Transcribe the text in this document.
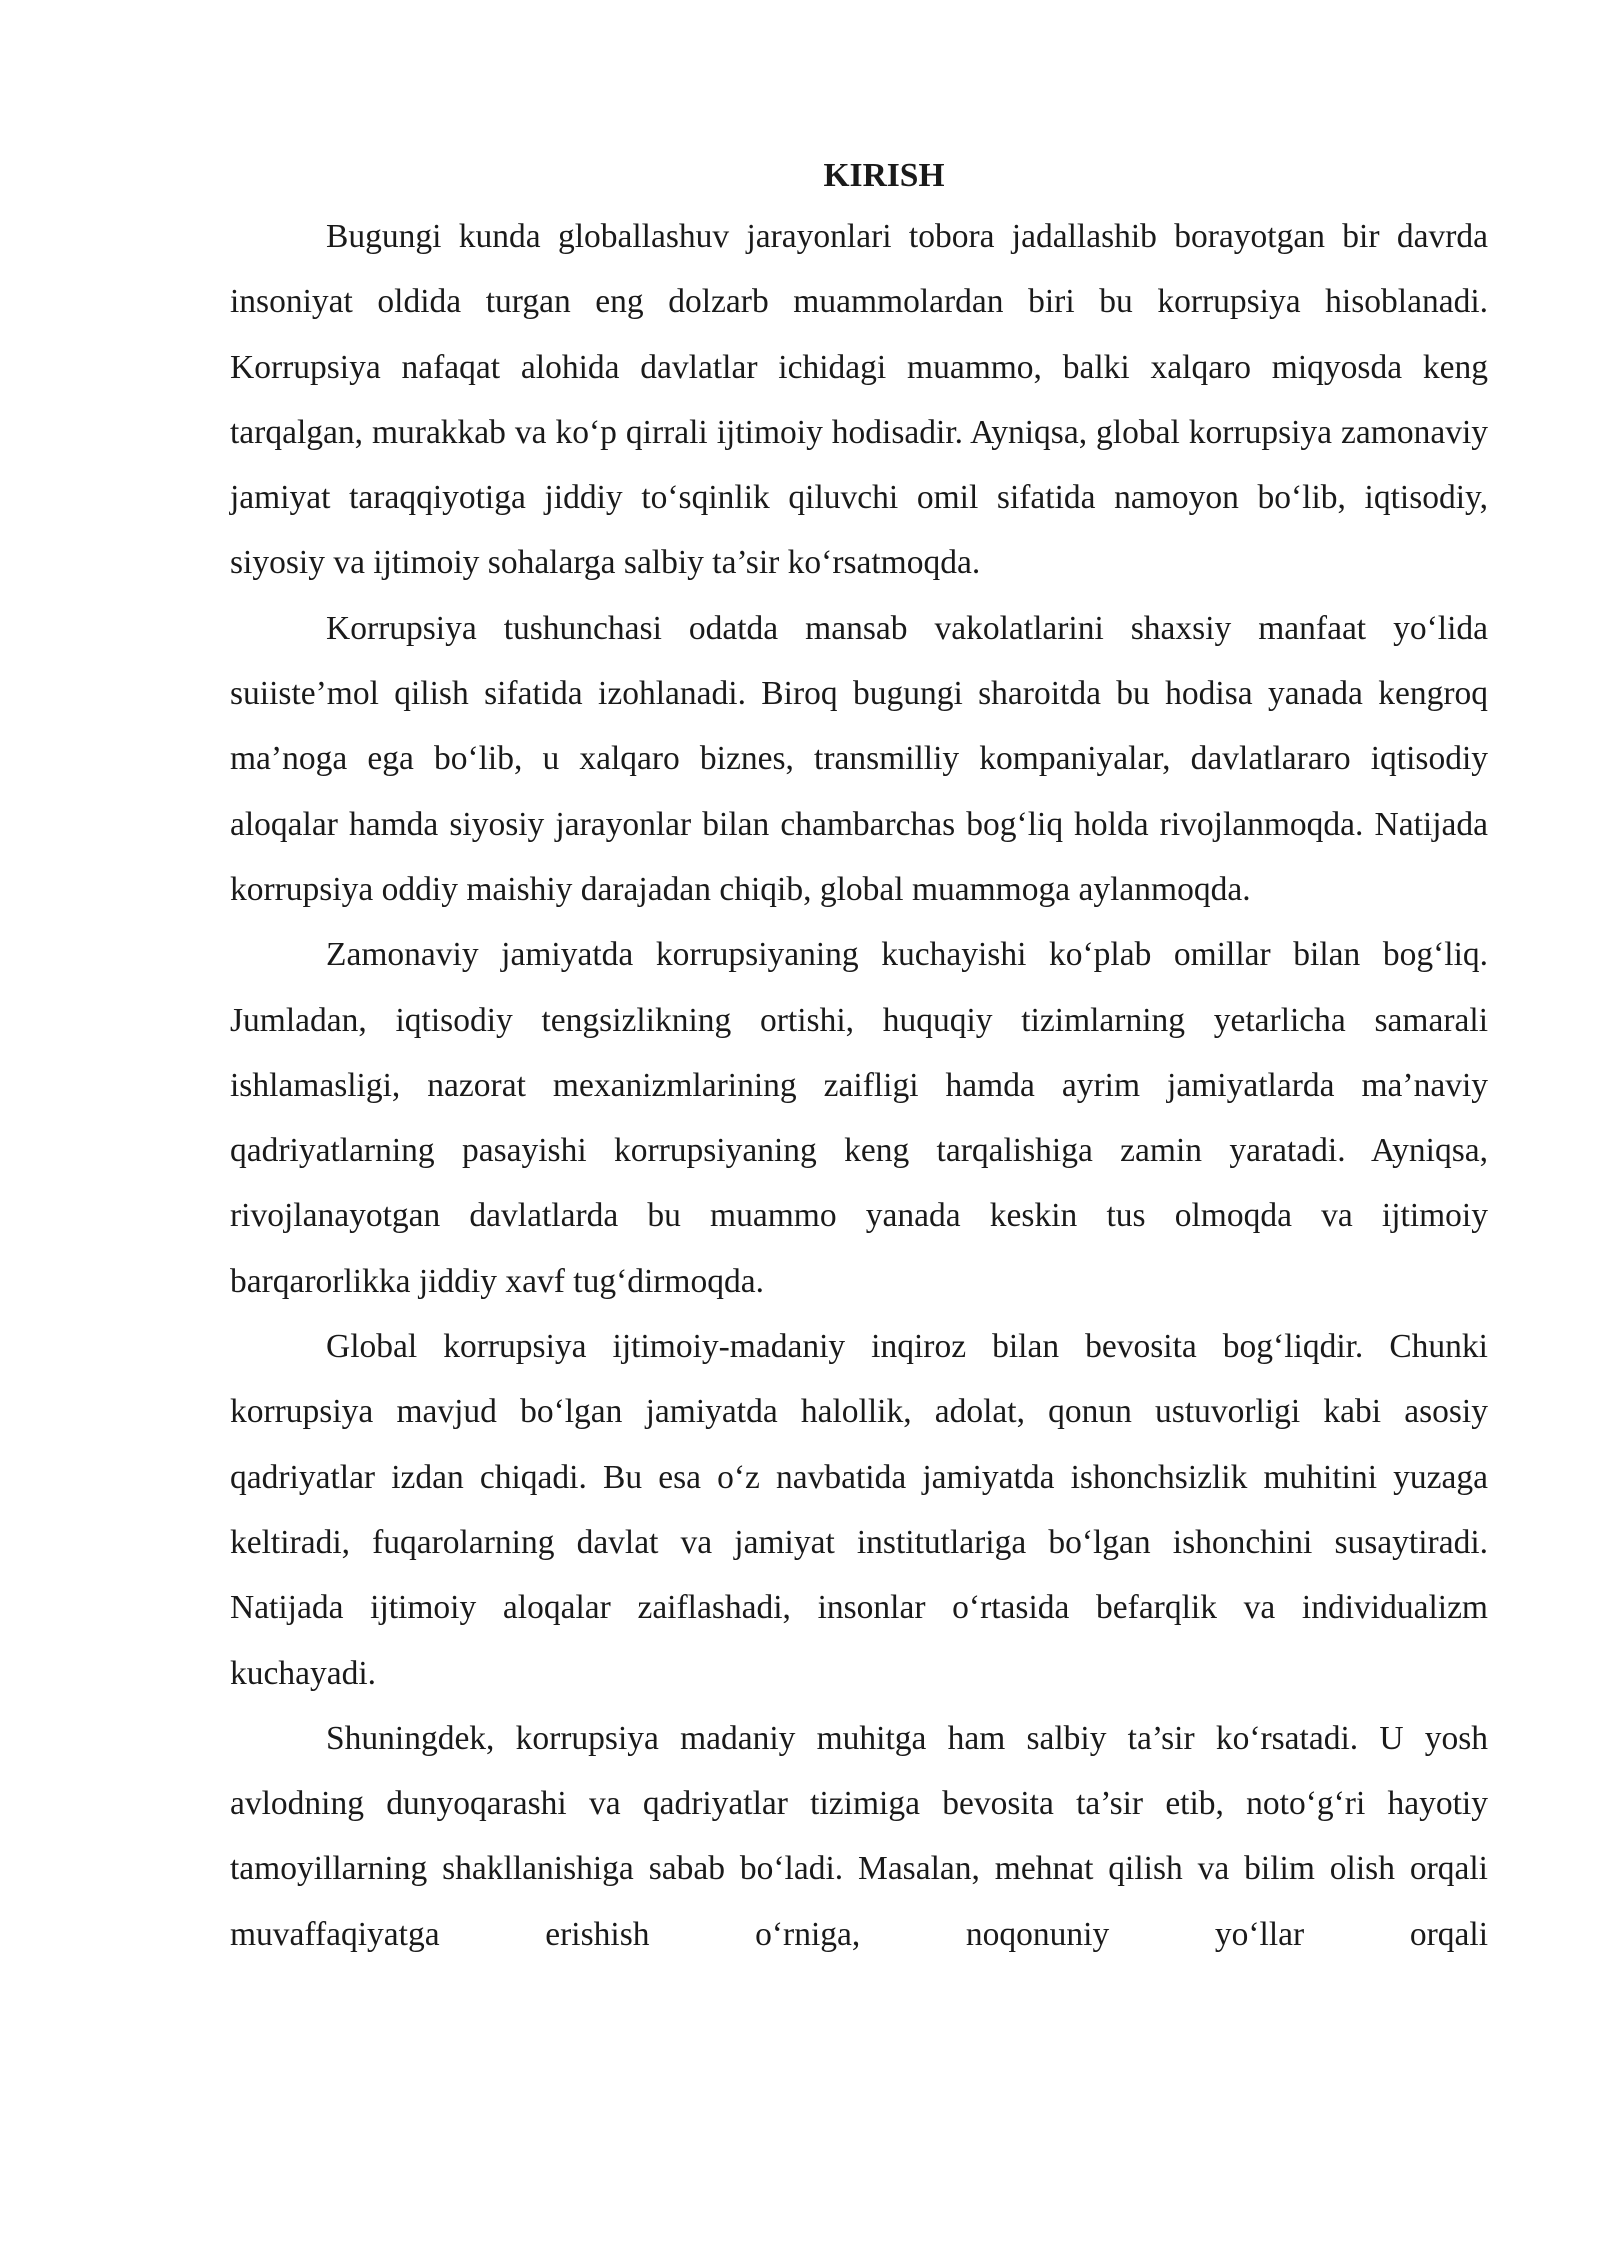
KIRISH

Bugungi kunda globallashuv jarayonlari tobora jadallashib borayotgan bir davrda insoniyat oldida turgan eng dolzarb muammolardan biri bu korrupsiya hisoblanadi. Korrupsiya nafaqat alohida davlatlar ichidagi muammo, balki xalqaro miqyosda keng tarqalgan, murakkab va ko‘p qirrali ijtimoiy hodisadir. Ayniqsa, global korrupsiya zamonaviy jamiyat taraqqiyotiga jiddiy to‘sqinlik qiluvchi omil sifatida namoyon bo‘lib, iqtisodiy, siyosiy va ijtimoiy sohalarga salbiy ta’sir ko‘rsatmoqda.

Korrupsiya tushunchasi odatda mansab vakolatlarini shaxsiy manfaat yo‘lida suiiste’mol qilish sifatida izohlanadi. Biroq bugungi sharoitda bu hodisa yanada kengroq ma’noga ega bo‘lib, u xalqaro biznes, transmilliy kompaniyalar, davlatlararo iqtisodiy aloqalar hamda siyosiy jarayonlar bilan chambarchas bog‘liq holda rivojlanmoqda. Natijada korrupsiya oddiy maishiy darajadan chiqib, global muammoga aylanmoqda.

Zamonaviy jamiyatda korrupsiyaning kuchayishi ko‘plab omillar bilan bog‘liq. Jumladan, iqtisodiy tengsizlikning ortishi, huquqiy tizimlarning yetarlicha samarali ishlamasligi, nazorat mexanizmlarining zaifligi hamda ayrim jamiyatlarda ma’naviy qadriyatlarning pasayishi korrupsiyaning keng tarqalishiga zamin yaratadi. Ayniqsa, rivojlanayotgan davlatlarda bu muammo yanada keskin tus olmoqda va ijtimoiy barqarorlikka jiddiy xavf tug‘dirmoqda.

Global korrupsiya ijtimoiy-madaniy inqiroz bilan bevosita bog‘liqdir. Chunki korrupsiya mavjud bo‘lgan jamiyatda halollik, adolat, qonun ustuvorligi kabi asosiy qadriyatlar izdan chiqadi. Bu esa o‘z navbatida jamiyatda ishonchsizlik muhitini yuzaga keltiradi, fuqarolarning davlat va jamiyat institutlariga bo‘lgan ishonchini susaytiradi. Natijada ijtimoiy aloqalar zaiflashadi, insonlar o‘rtasida befarqlik va individualizm kuchayadi.

Shuningdek, korrupsiya madaniy muhitga ham salbiy ta’sir ko‘rsatadi. U yosh avlodning dunyoqarashi va qadriyatlar tizimiga bevosita ta’sir etib, noto‘g‘ri hayotiy tamoyillarning shakllanishiga sabab bo‘ladi. Masalan, mehnat qilish va bilim olish orqali muvaffaqiyatga erishish o‘rniga, noqonuniy yo‘llar orqali
